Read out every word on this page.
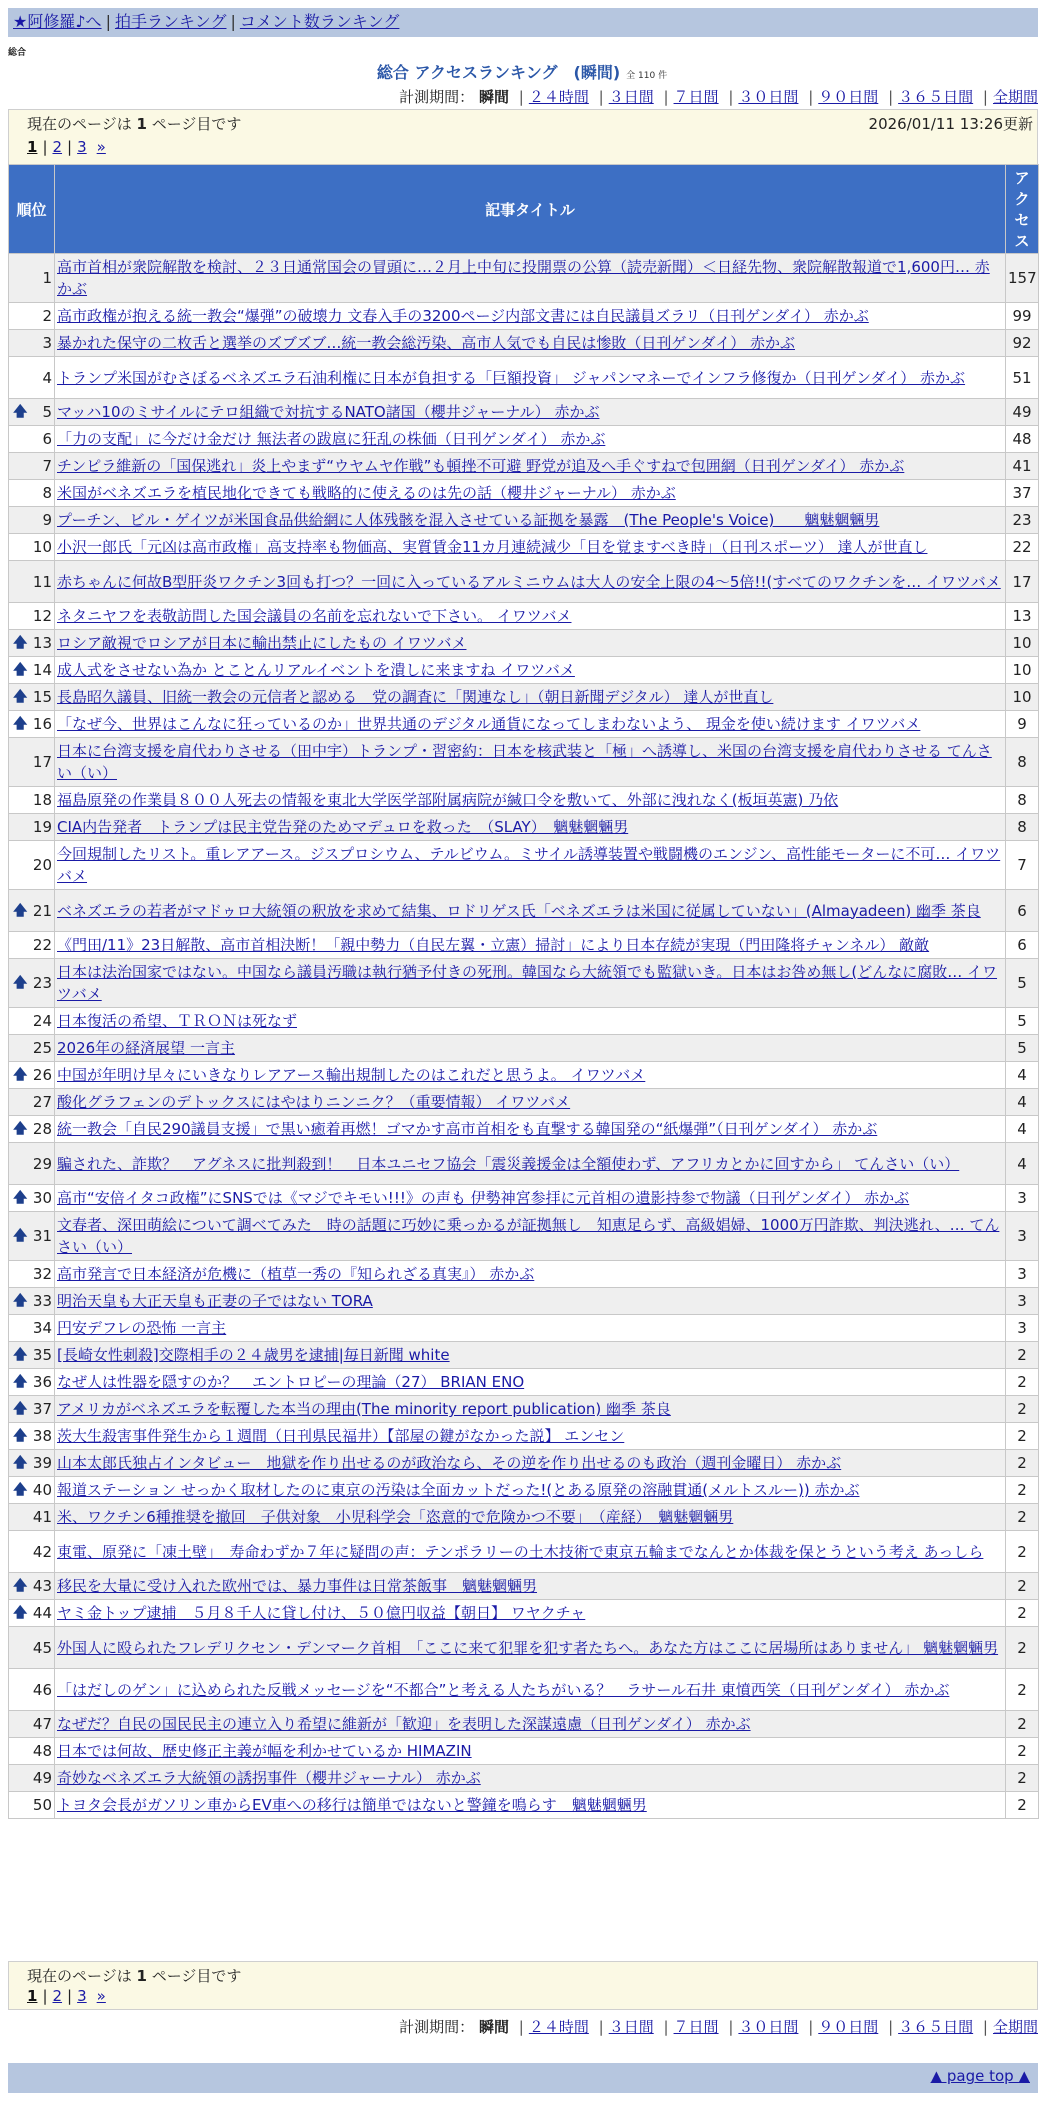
★阿修羅♪へ | 拍手ランキング | コメント数ランキング
総合
総合 アクセスランキング　(瞬間) 全 110 件
計測期間： 瞬間 | ２４時間 | ３日間 | ７日間 | ３０日間 | ９０日間 | ３６５日間 | 全期間
現在のページは 1 ページ目です	2026/01/11 13:26更新
1 | 2 | 3 »
順位	記事タイトル	アクセス
1	高市首相が衆院解散を検討、２３日通常国会の冒頭に…２月上中旬に投開票の公算（読売新聞）＜日経先物、衆院解散報道で1,600円… 赤かぶ	157
2	高市政権が抱える統一教会“爆弾”の破壊力 文春入手の3200ページ内部文書には自民議員ズラリ（日刊ゲンダイ） 赤かぶ	99
3	暴かれた保守の二枚舌と選挙のズブズブ…統一教会総汚染、高市人気でも自民は惨敗（日刊ゲンダイ） 赤かぶ	92
4	トランプ米国がむさぼるベネズエラ石油利権に日本が負担する「巨額投資」 ジャパンマネーでインフラ修復か（日刊ゲンダイ） 赤かぶ	51

🡅 5	マッハ10のミサイルにテロ組織で対抗するNATO諸国（櫻井ジャーナル） 赤かぶ	49
6	「力の支配」に今だけ金だけ 無法者の跋扈に狂乱の株価（日刊ゲンダイ） 赤かぶ	48
7	チンピラ維新の「国保逃れ」炎上やまず“ウヤムヤ作戦”も頓挫不可避 野党が追及へ手ぐすねで包囲網（日刊ゲンダイ） 赤かぶ	41
8	米国がベネズエラを植民地化できても戦略的に使えるのは先の話（櫻井ジャーナル） 赤かぶ	37
9	プーチン、ビル・ゲイツが米国食品供給網に人体残骸を混入させている証拠を暴露　(The People's Voice)　　魑魅魍魎男	23
10	小沢一郎氏「元凶は高市政権」高支持率も物価高、実質賃金11カ月連続減少「目を覚ますべき時」（日刊スポーツ） 達人が世直し	22
11	赤ちゃんに何故B型肝炎ワクチン3回も打つ？一回に入っているアルミニウムは大人の安全上限の4～5倍!!(すべてのワクチンを… イワツバメ	17
12	ネタニヤフを表敬訪問した国会議員の名前を忘れないで下さい。 イワツバメ	13

🡅 13	ロシア敵視でロシアが日本に輸出禁止にしたもの イワツバメ	10

🡅 14	成人式をさせない為か とことんリアルイベントを潰しに来ますね イワツバメ	10

🡅 15	長島昭久議員、旧統一教会の元信者と認める　党の調査に「関連なし」（朝日新聞デジタル） 達人が世直し	10

🡅 16	「なぜ今、世界はこんなに狂っているのか」世界共通のデジタル通貨になってしまわないよう、 現金を使い続けます イワツバメ	9
17	日本に台湾支援を肩代わりさせる（田中宇）トランプ・習密約：日本を核武装と「極」へ誘導し、米国の台湾支援を肩代わりさせる てんさい（い）	8
18	福島原発の作業員８００人死去の情報を東北大学医学部附属病院が緘口令を敷いて、外部に洩れなく(板垣英憲) 乃依	8
19	CIA内告発者　トランプは民主党告発のためマデュロを救った　（SLAY）　魑魅魍魎男	8
20	今回規制したリスト。重レアアース。ジスプロシウム、テルビウム。ミサイル誘導装置や戦闘機のエンジン、高性能モーターに不可… イワツバメ	7

🡅 21	ベネズエラの若者がマドゥロ大統領の釈放を求めて結集、ロドリゲス氏「ベネズエラは米国に従属していない」(Almayadeen) 幽季 茶良	6
22	《門田/11》23日解散、高市首相決断！「親中勢力（自民左翼・立憲）掃討」により日本存続が実現（門田隆将チャンネル） 敵敵	6

🡅 23	日本は法治国家ではない。中国なら議員汚職は執行猶予付きの死刑。韓国なら大統領でも監獄いき。日本はお咎め無し(どんなに腐敗… イワツバメ	5
24	日本復活の希望、ＴＲＯＮは死なず	5
25	2026年の経済展望 一言主	5

🡅 26	中国が年明け早々にいきなりレアアース輸出規制したのはこれだと思うよ。 イワツバメ	4
27	酸化グラフェンのデトックスにはやはりニンニク？（重要情報） イワツバメ	4

🡅 28	統一教会「自民290議員支援」で黒い癒着再燃！ゴマかす高市首相をも直撃する韓国発の“紙爆弾”（日刊ゲンダイ） 赤かぶ	4
29	騙された、詐欺？　アグネスに批判殺到！　日本ユニセフ協会「震災義援金は全額使わず、アフリカとかに回すから」 てんさい（い）	4

🡅 30	高市“安倍イタコ政権”にSNSでは《マジでキモい!!!》の声も 伊勢神宮参拝に元首相の遺影持参で物議（日刊ゲンダイ） 赤かぶ	3

🡅 31	文春者、深田萌絵について調べてみた　時の話題に巧妙に乗っかるが証拠無し　知恵足らず、高級娼婦、1000万円詐欺、判決逃れ、… てんさい（い）	3
32	高市発言で日本経済が危機に（植草一秀の『知られざる真実』） 赤かぶ	3

🡅 33	明治天皇も大正天皇も正妻の子ではない TORA	3
34	円安デフレの恐怖 一言主	3

🡅 35	[長崎女性刺殺]交際相手の２４歳男を逮捕|毎日新聞 white	2

🡅 36	なぜ人は性器を隠すのか？　エントロピーの理論（27） BRIAN ENO	2

🡅 37	アメリカがベネズエラを転覆した本当の理由(The minority report publication) 幽季 茶良	2

🡅 38	茨大生殺害事件発生から１週間（日刊県民福井）【部屋の鍵がなかった説】 エンセン	2

🡅 39	山本太郎氏独占インタビュー　地獄を作り出せるのが政治なら、その逆を作り出せるのも政治（週刊金曜日） 赤かぶ	2

🡅 40	報道ステーション せっかく取材したのに東京の汚染は全面カットだった!(とある原発の溶融貫通(メルトスルー)) 赤かぶ	2
41	米、ワクチン6種推奨を撤回　子供対象　小児科学会「恣意的で危険かつ不要」　（産経）　魑魅魍魎男	2
42	東電、原発に「凍土壁」　寿命わずか７年に疑問の声：テンポラリーの土木技術で東京五輪までなんとか体裁を保とうという考え あっしら	2

🡅 43	移民を大量に受け入れた欧州では、暴力事件は日常茶飯事　魑魅魍魎男	2

🡅 44	ヤミ金トップ逮捕　５月８千人に貸し付け、５０億円収益【朝日】 ワヤクチャ	2
45	外国人に殴られたフレデリクセン・デンマーク首相　「ここに来て犯罪を犯す者たちへ。あなた方はここに居場所はありません」 魑魅魍魎男	2
46	「はだしのゲン」に込められた反戦メッセージを“不都合”と考える人たちがいる？　ラサール石井 東憤西笑（日刊ゲンダイ） 赤かぶ	2
47	なぜだ？自民の国民民主の連立入り希望に維新が「歓迎」を表明した深謀遠慮（日刊ゲンダイ） 赤かぶ	2
48	日本では何故、歴史修正主義が幅を利かせているか HIMAZIN	2
49	奇妙なベネズエラ大統領の誘拐事件（櫻井ジャーナル） 赤かぶ	2
50	トヨタ会長がガソリン車からEV車への移行は簡単ではないと警鐘を鳴らす　魑魅魍魎男	2
現在のページは 1 ページ目です
1 | 2 | 3 »
計測期間： 瞬間 | ２４時間 | ３日間 | ７日間 | ３０日間 | ９０日間 | ３６５日間 | 全期間
▲ page top ▲
